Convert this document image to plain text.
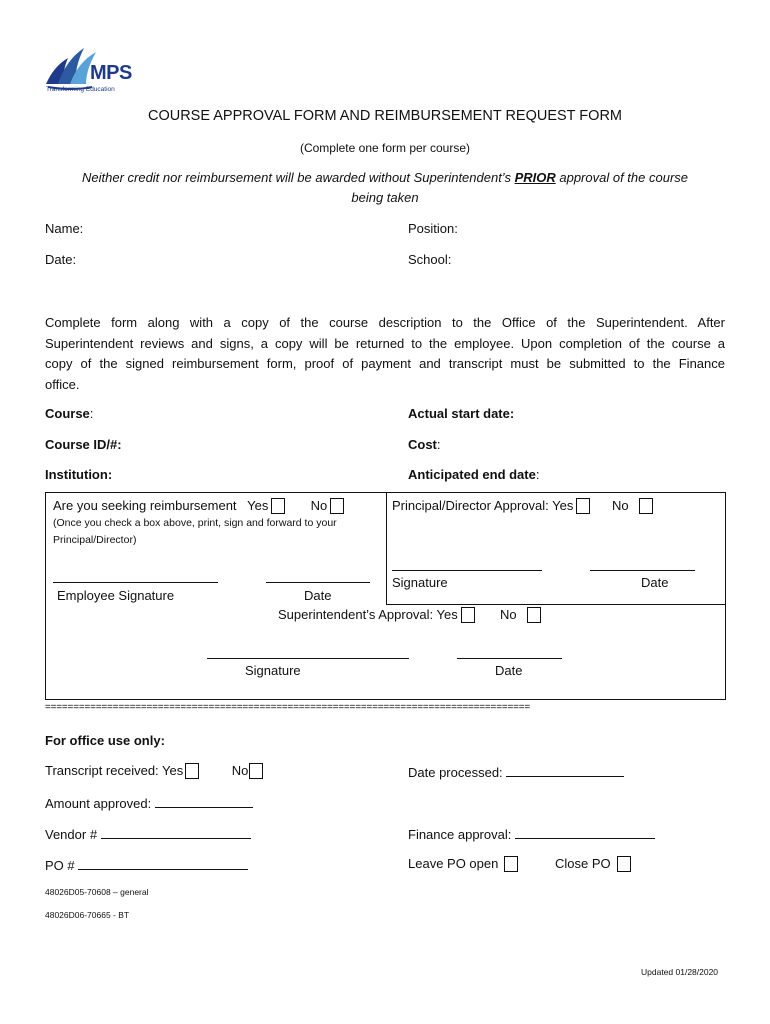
MPS
Transforming Education
COURSE APPROVAL FORM AND REIMBURSEMENT REQUEST FORM
(Complete one form per course)
Neither credit nor reimbursement will be awarded without Superintendent’s PRIOR approval of the course
being taken
Name:	Position:
Date:	School:
Complete form along with a copy of the course description to the Office of the Superintendent. After
Superintendent reviews and signs, a copy will be returned to the employee. Upon completion of the course a
copy of the signed reimbursement form, proof of payment and transcript must be submitted to the Finance
office.
Course:	Actual start date:
Course ID/#:	Cost:
Institution:	Anticipated end date:
Are you seeking reimbursement Yes	No
(Once you check a box above, print, sign and forward to your
Principal/Director)
Employee Signature	Date
Principal/Director Approval: Yes	No
Signature	Date
Superintendent’s Approval: Yes	No
Signature	Date
======================================================================================
For office use only:
Transcript received: Yes	No	Date processed:
Amount approved:
Vendor #	Finance approval:
PO #	Leave PO open	Close PO
48026D05-70608 – general
48026D06-70665 - BT
Updated 01/28/2020
